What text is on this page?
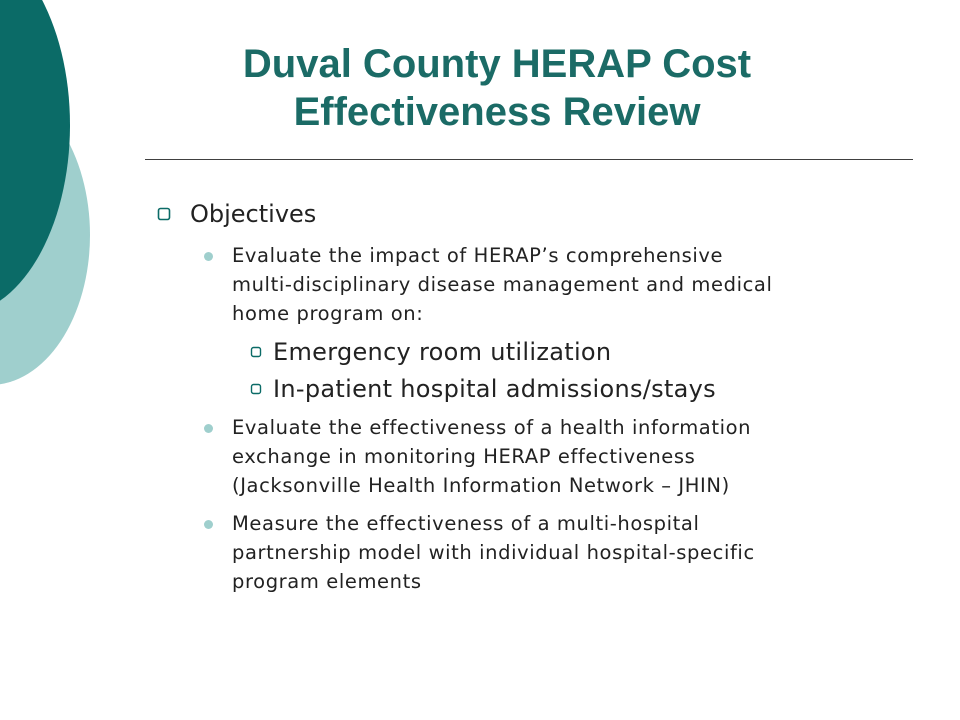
Duval County HERAP Cost
Effectiveness Review
Objectives
Evaluate the impact of HERAP’s comprehensive
multi-disciplinary disease management and medical
home program on:
Emergency room utilization
In-patient hospital admissions/stays
Evaluate the effectiveness of a health information
exchange in monitoring HERAP effectiveness
(Jacksonville Health Information Network – JHIN)
Measure the effectiveness of a multi-hospital
partnership model with individual hospital-specific
program elements
